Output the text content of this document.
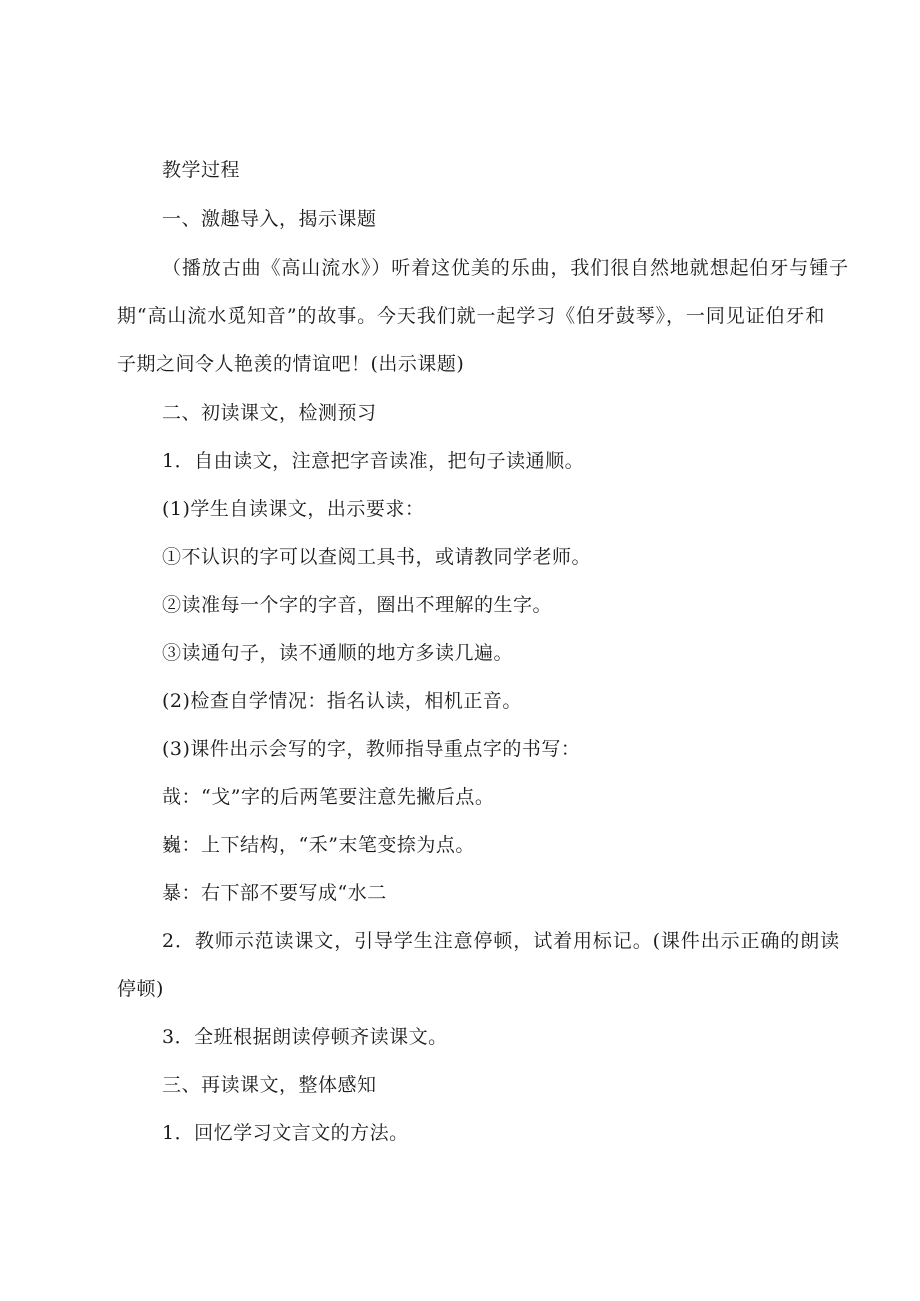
教学过程
一、激趣导入，揭示课题
（播放古曲《高山流水》）听着这优美的乐曲，我们很自然地就想起伯牙与锺子
期“高山流水觅知音”的故事。今天我们就一起学习《伯牙鼓琴》，一同见证伯牙和
子期之间令人艳羡的情谊吧！(出示课题)
二、初读课文，检测预习
1．自由读文，注意把字音读准，把句子读通顺。
(1)学生自读课文，出示要求：
①不认识的字可以查阅工具书，或请教同学老师。
②读准每一个字的字音，圈出不理解的生字。
③读通句子，读不通顺的地方多读几遍。
(2)检查自学情况：指名认读，相机正音。
(3)课件出示会写的字，教师指导重点字的书写：
哉：“戈”字的后两笔要注意先撇后点。
巍：上下结构，“禾”末笔变捺为点。
暴：右下部不要写成“水二
2．教师示范读课文，引导学生注意停顿，试着用标记。(课件出示正确的朗读
停顿)
3．全班根据朗读停顿齐读课文。
三、再读课文，整体感知
1．回忆学习文言文的方法。
